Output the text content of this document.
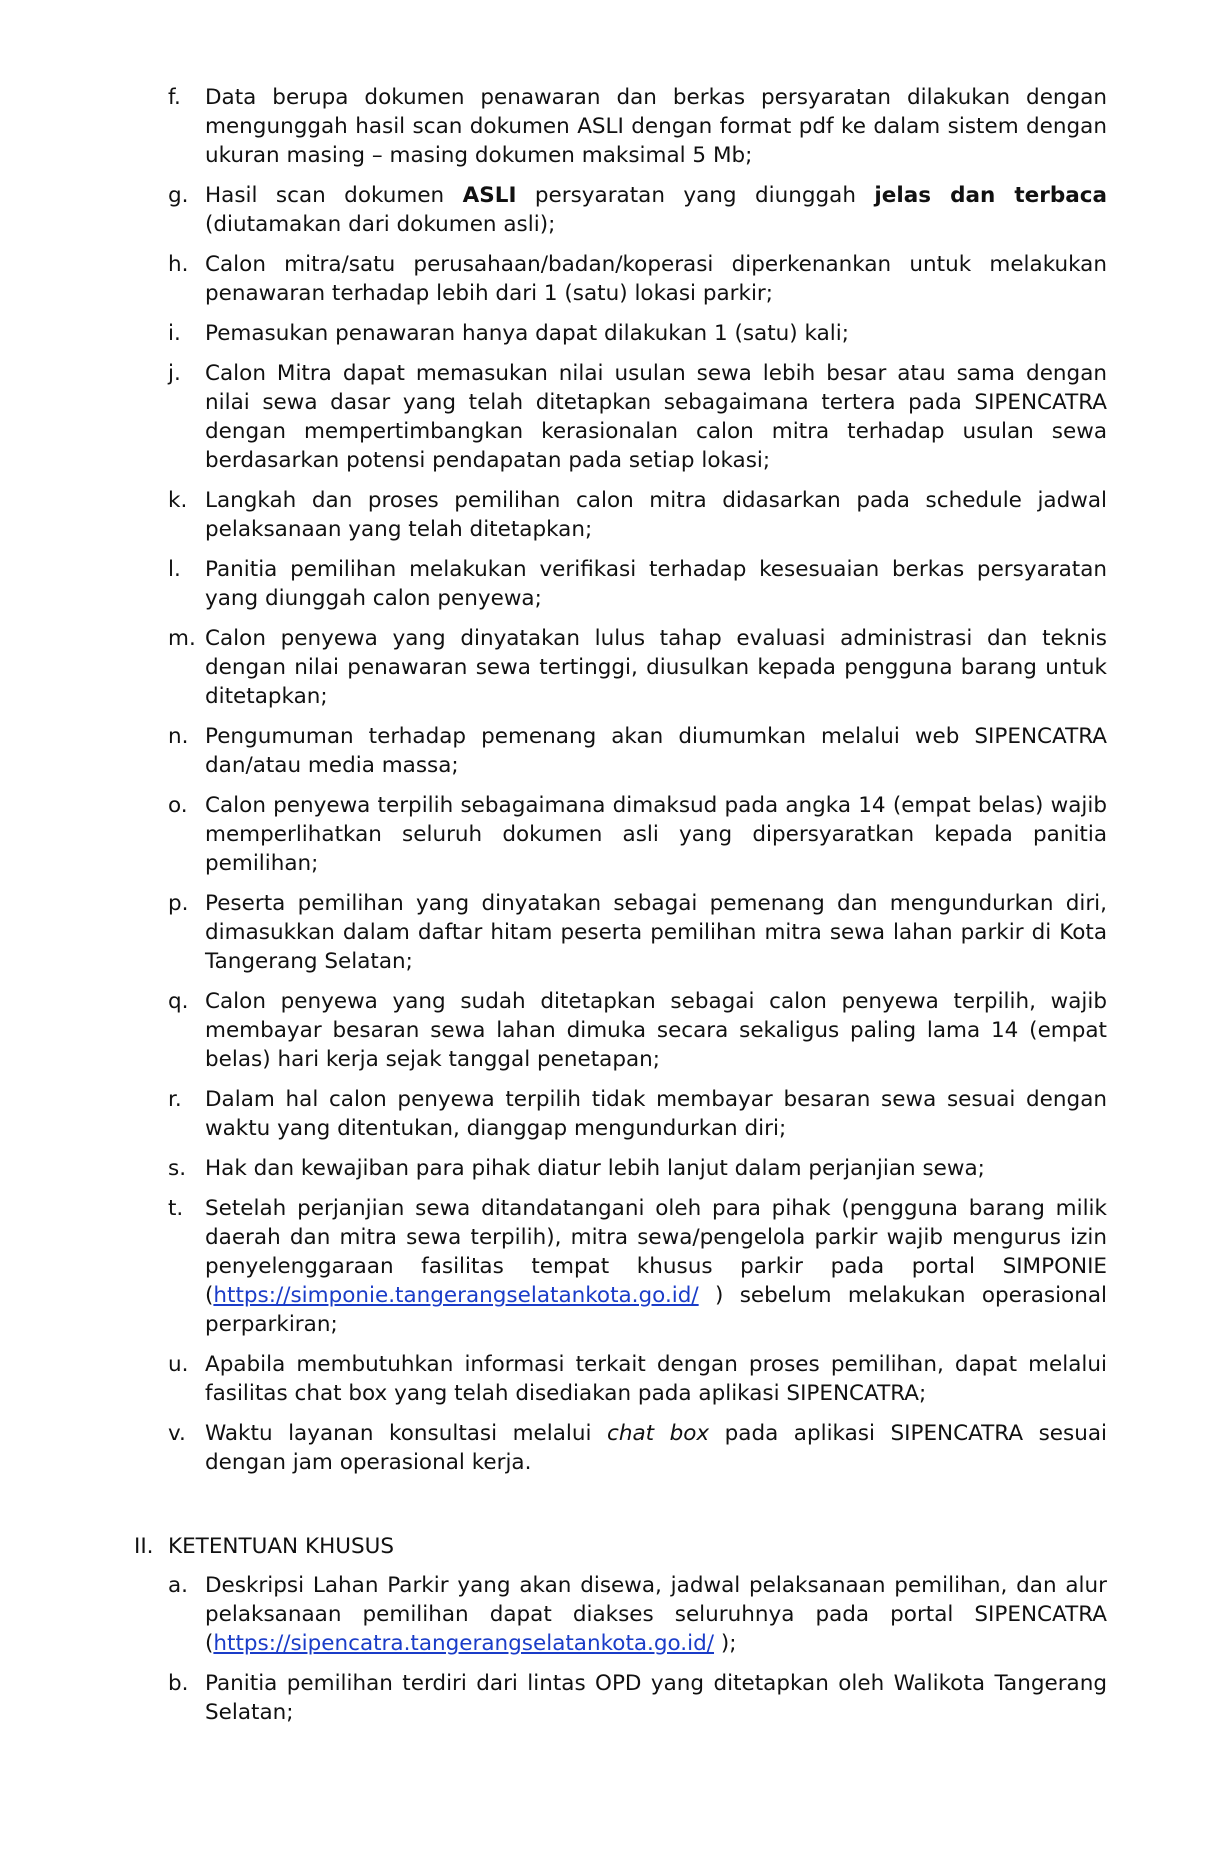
f.	Data berupa dokumen penawaran dan berkas persyaratan dilakukan dengan mengunggah hasil scan dokumen ASLI dengan format pdf ke dalam sistem dengan ukuran masing – masing dokumen maksimal 5 Mb;
g. Hasil scan dokumen ASLI persyaratan yang diunggah jelas dan terbaca (diutamakan dari dokumen asli);
h. Calon mitra/satu perusahaan/badan/koperasi diperkenankan untuk melakukan penawaran terhadap lebih dari 1 (satu) lokasi parkir;
i.	Pemasukan penawaran hanya dapat dilakukan 1 (satu) kali;
j.	Calon Mitra dapat memasukan nilai usulan sewa lebih besar atau sama dengan nilai sewa dasar yang telah ditetapkan sebagaimana tertera pada SIPENCATRA dengan mempertimbangkan kerasionalan calon mitra terhadap usulan sewa berdasarkan potensi pendapatan pada setiap lokasi;
k. Langkah dan proses pemilihan calon mitra didasarkan pada schedule jadwal pelaksanaan yang telah ditetapkan;
l.	Panitia pemilihan melakukan verifikasi terhadap kesesuaian berkas persyaratan yang diunggah calon penyewa;
m. Calon penyewa yang dinyatakan lulus tahap evaluasi administrasi dan teknis dengan nilai penawaran sewa tertinggi, diusulkan kepada pengguna barang untuk ditetapkan;
n. Pengumuman terhadap pemenang akan diumumkan melalui web SIPENCATRA dan/atau media massa;
o. Calon penyewa terpilih sebagaimana dimaksud pada angka 14 (empat belas) wajib memperlihatkan seluruh dokumen asli yang dipersyaratkan kepada panitia pemilihan;
p. Peserta pemilihan yang dinyatakan sebagai pemenang dan mengundurkan diri, dimasukkan dalam daftar hitam peserta pemilihan mitra sewa lahan parkir di Kota Tangerang Selatan;
q. Calon penyewa yang sudah ditetapkan sebagai calon penyewa terpilih, wajib membayar besaran sewa lahan dimuka secara sekaligus paling lama 14 (empat belas) hari kerja sejak tanggal penetapan;
r.	Dalam hal calon penyewa terpilih tidak membayar besaran sewa sesuai dengan waktu yang ditentukan, dianggap mengundurkan diri;
s. Hak dan kewajiban para pihak diatur lebih lanjut dalam perjanjian sewa;
t.	Setelah perjanjian sewa ditandatangani oleh para pihak (pengguna barang milik daerah dan mitra sewa terpilih), mitra sewa/pengelola parkir wajib mengurus izin penyelenggaraan fasilitas tempat khusus parkir pada portal SIMPONIE (https://simponie.tangerangselatankota.go.id/ ) sebelum melakukan operasional perparkiran;
u. Apabila membutuhkan informasi terkait dengan proses pemilihan, dapat melalui fasilitas chat box yang telah disediakan pada aplikasi SIPENCATRA;
v. Waktu layanan konsultasi melalui chat box pada aplikasi SIPENCATRA sesuai dengan jam operasional kerja.
II. KETENTUAN KHUSUS
a. Deskripsi Lahan Parkir yang akan disewa, jadwal pelaksanaan pemilihan, dan alur pelaksanaan pemilihan dapat diakses seluruhnya pada portal SIPENCATRA (https://sipencatra.tangerangselatankota.go.id/ );
b. Panitia pemilihan terdiri dari lintas OPD yang ditetapkan oleh Walikota Tangerang Selatan;
